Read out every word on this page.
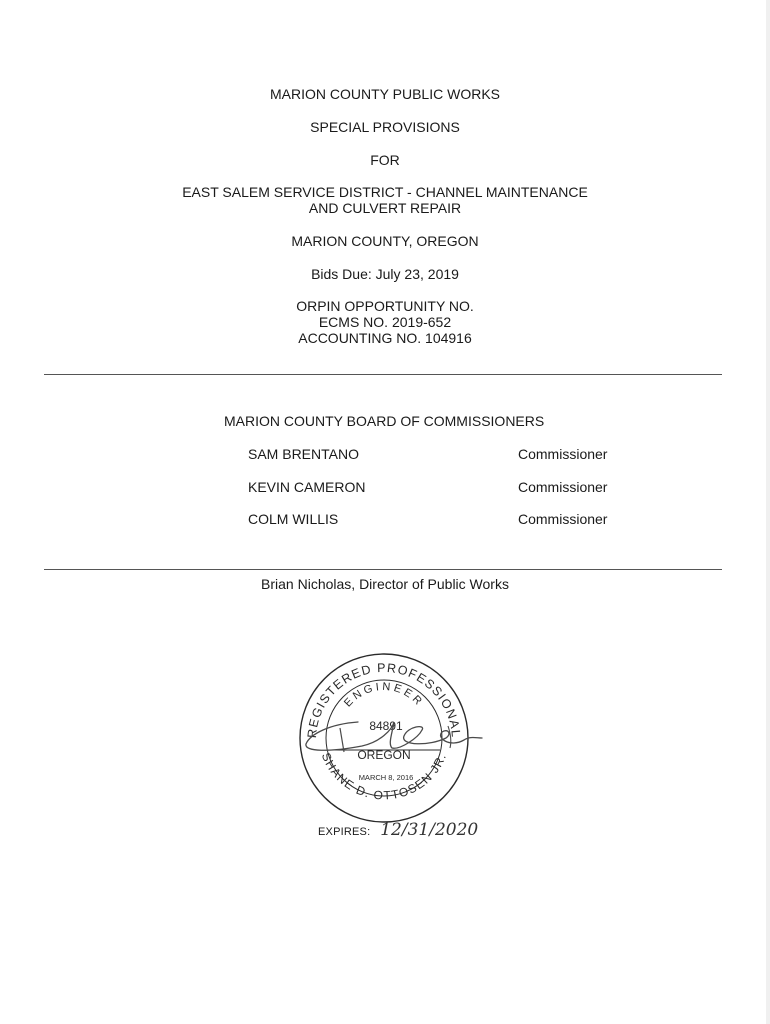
MARION COUNTY PUBLIC WORKS
SPECIAL PROVISIONS
FOR
EAST SALEM SERVICE DISTRICT - CHANNEL MAINTENANCE
AND CULVERT REPAIR
MARION COUNTY, OREGON
Bids Due: July 23, 2019
ORPIN OPPORTUNITY NO.
ECMS NO. 2019-652
ACCOUNTING NO. 104916
MARION COUNTY BOARD OF COMMISSIONERS
SAM BRENTANO	Commissioner
KEVIN CAMERON	Commissioner
COLM WILLIS	Commissioner
Brian Nicholas, Director of Public Works
REGISTERED PROFESSIONAL
ENGINEER
84891
OREGON
MARCH 8, 2016
SHANE D. OTTOSEN JR.
EXPIRES: 12/31/2020
